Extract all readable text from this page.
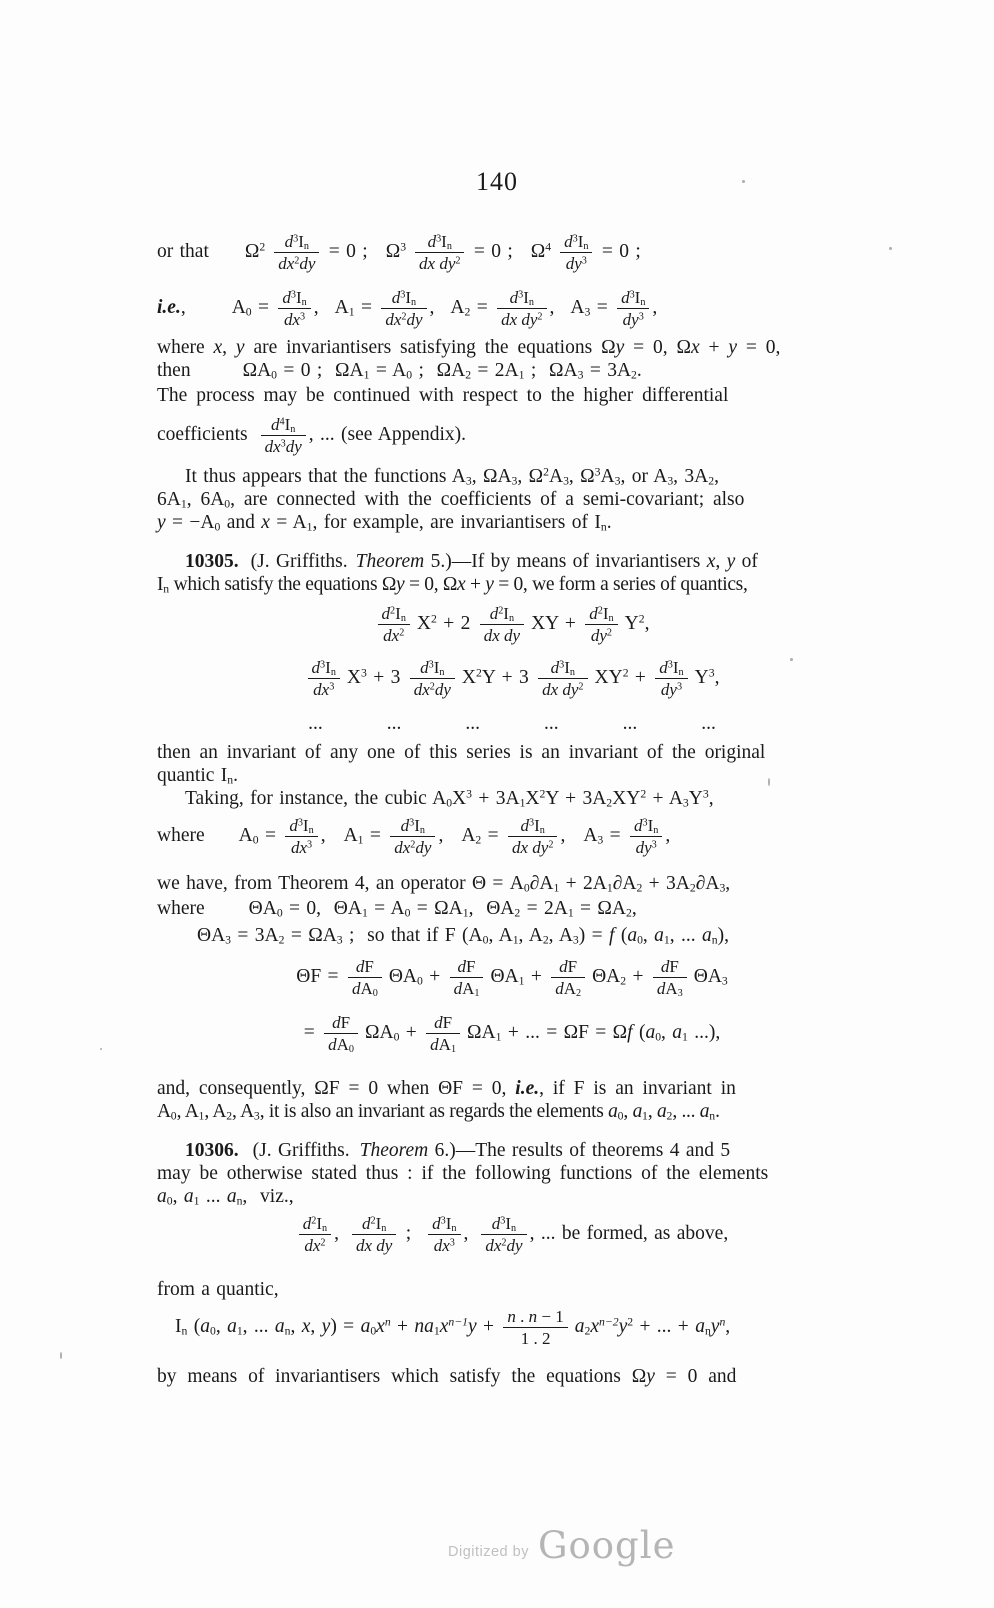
140
or that $\Omega^2 \frac{d^3I_n}{dx^2dy} = 0$ ; $\Omega^3 \frac{d^3I_n}{dx dy^2} = 0$ ; $\Omega^4 \frac{d^3I_n}{dy^3} = 0$ ;
i.e., $A_0 = \frac{d^3I_n}{dx^3}$ , $A_1 = \frac{d^3I_n}{dx^2dy}$ , $A_2 = \frac{d^3I_n}{dx dy^2}$ , $A_3 = \frac{d^3I_n}{dy^3}$ ,
where x, y are invariantisers satisfying the equations Ωy = 0, Ωx + y = 0,
then	$\Omega A_0 = 0$ ;  $\Omega A_1 = A_0$ ;  $\Omega A_2 = 2A_1$ ;  $\Omega A_3 = 3A_2$.
The process may be continued with respect to the higher differential
coefficients $\frac{d^4I_n}{dx^3dy}$ , ... (see Appendix).
It thus appears that the functions $A_3$, $\Omega A_3$, $\Omega^2A_3$, $\Omega^3A_3$, or $A_3$, $3A_2$,
$6A_1$, $6A_0$, are connected with the coefficients of a semi-covariant; also
$y = -A_0$ and $x = A_1$, for example, are invariantisers of $I_n$.
10305. (J. Griffiths. Theorem 5.)—If by means of invariantisers x, y of
$I_n$ which satisfy the equations Ωy = 0, Ωx + y = 0, we form a series of quantics,
$\frac{d^2I_n}{dx^2} X^2 + 2 \frac{d^2I_n}{\text{dx dy}}$ XY + $\frac{d^2I_n}{dy^2} Y^2$,
$\frac{d^3I_n}{dx^3} X^3 + 3 \frac{d^3I_n}{dx^2dy} X^2Y + 3 \frac{d^3I_n}{dx dy^2} XY^2 + \frac{d^3I_n}{dy^3} Y^3$,
...	...	...	...	...	...
then an invariant of any one of this series is an invariant of the original
quantic $I_n$.
Taking, for instance, the cubic $A_0X^3 + 3A_1X^2Y + 3A_2XY^2 + A_3Y^3$,
where $A_0 = \frac{d^3I_n}{dx^3}$ , $A_1 = \frac{d^3I_n}{dx^2dy}$ , $A_2 = \frac{d^3I_n}{dx dy^2}$ , $A_3 = \frac{d^3I_n}{dy^3}$ ,
we have, from Theorem 4, an operator $\Theta = A_0\partial A_1 + 2A_1\partial A_2 + 3A_2\partial A_3$,
where $\Theta A_0 = 0$,  $\Theta A_1 = A_0 = \Omega A_1$,  $\Theta A_2 = 2A_1 = \Omega A_2$,
$\Theta A_3 = 3A_2 = \Omega A_3$ ;  so that if F ($A_0$, $A_1$, $A_2$, $A_3) = f$ ($a_0$, $a_1$, ... $a_n$),
$\Theta F = \frac{dF}{dA_0} \Theta A_0 + \frac{dF}{dA_1} \Theta A_1 + \frac{dF}{dA_2} \Theta A_2 + \frac{dF}{dA_3} \Theta A_3$
= $\frac{dF}{dA_0} \Omega A_0 + \frac{dF}{dA_1} \Omega A_1$ + ... = ΩF = Ωf ($a_0$, $a_1$ ...),
and, consequently, ΩF = 0 when ΘF = 0, i.e., if F is an invariant in
$A_0$, $A_1$, $A_2$, $A_3$, it is also an invariant as regards the elements $a_0$, $a_1$, $a_2$, ... $a_n$.
10306. (J. Griffiths. Theorem 6.)—The results of theorems 4 and 5
may be otherwise stated thus : if the following functions of the elements
$a_0$, $a_1$ ... $a_n$,  viz.,
$\frac{d^2I_n}{dx^2}$ , $\frac{d^2I_n}{\text{dx dy}}$ ; $\frac{d^3I_n}{dx^3}$ , $\frac{d^3I_n}{dx^2dy}$ , ... be formed, as above,
from a quantic,
$I_n$ ($a_0$, $a_1$, ... $a_n$, x, $y) = a_0x^n + na_1x^{n-1}y + \frac{n . n - 1}{1 . 2} a_2x^{n-2}y^2$ + ... + $a_ny^n$,
by means of invariantisers which satisfy the equations Ωy = 0 and
Digitized by Google
